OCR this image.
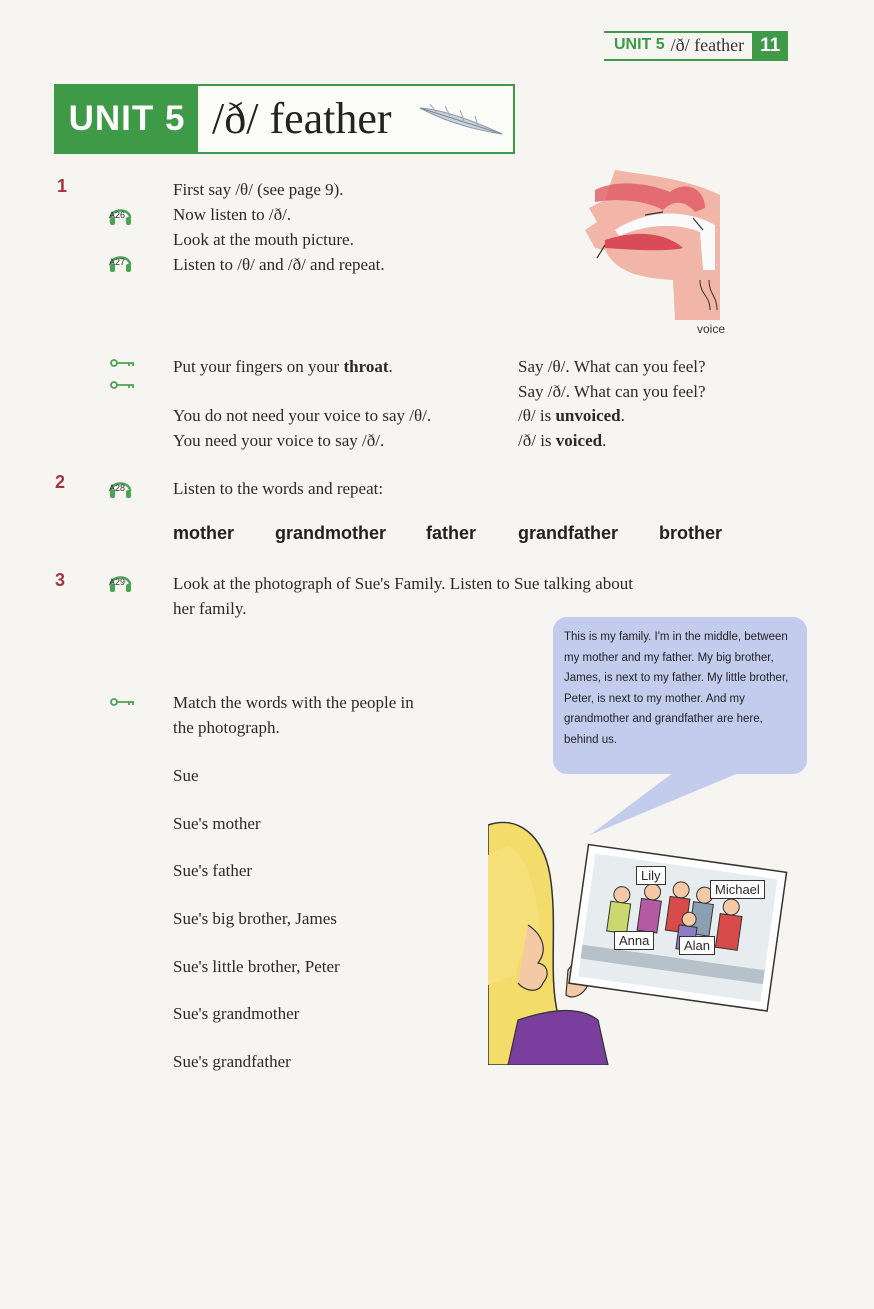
UNIT 5 /ð/ feather 11
UNIT 5 /ð/ feather
1
2
3
A26
A27
A28
A29
First say /θ/ (see page 9).
Now listen to /ð/.
Look at the mouth picture.
Listen to /θ/ and /ð/ and repeat.
voice
Put your fingers on your throat.
You do not need your voice to say /θ/.
You need your voice to say /ð/.
Say /θ/. What can you feel?
Say /ð/. What can you feel?
/θ/ is unvoiced.
/ð/ is voiced.
Listen to the words and repeat:
mother grandmother father grandfather brother
Look at the photograph of Sue's Family. Listen to Sue talking about
her family.
Match the words with the people in
the photograph.
Sue
Sue's mother
Sue's father
Sue's big brother, James
Sue's little brother, Peter
Sue's grandmother
Sue's grandfather
This is my family. I'm in the middle, between my mother and my father. My big brother, James, is next to my father. My little brother, Peter, is next to my mother. And my grandmother and grandfather are here, behind us.
Lily
Michael
Anna	Alan
